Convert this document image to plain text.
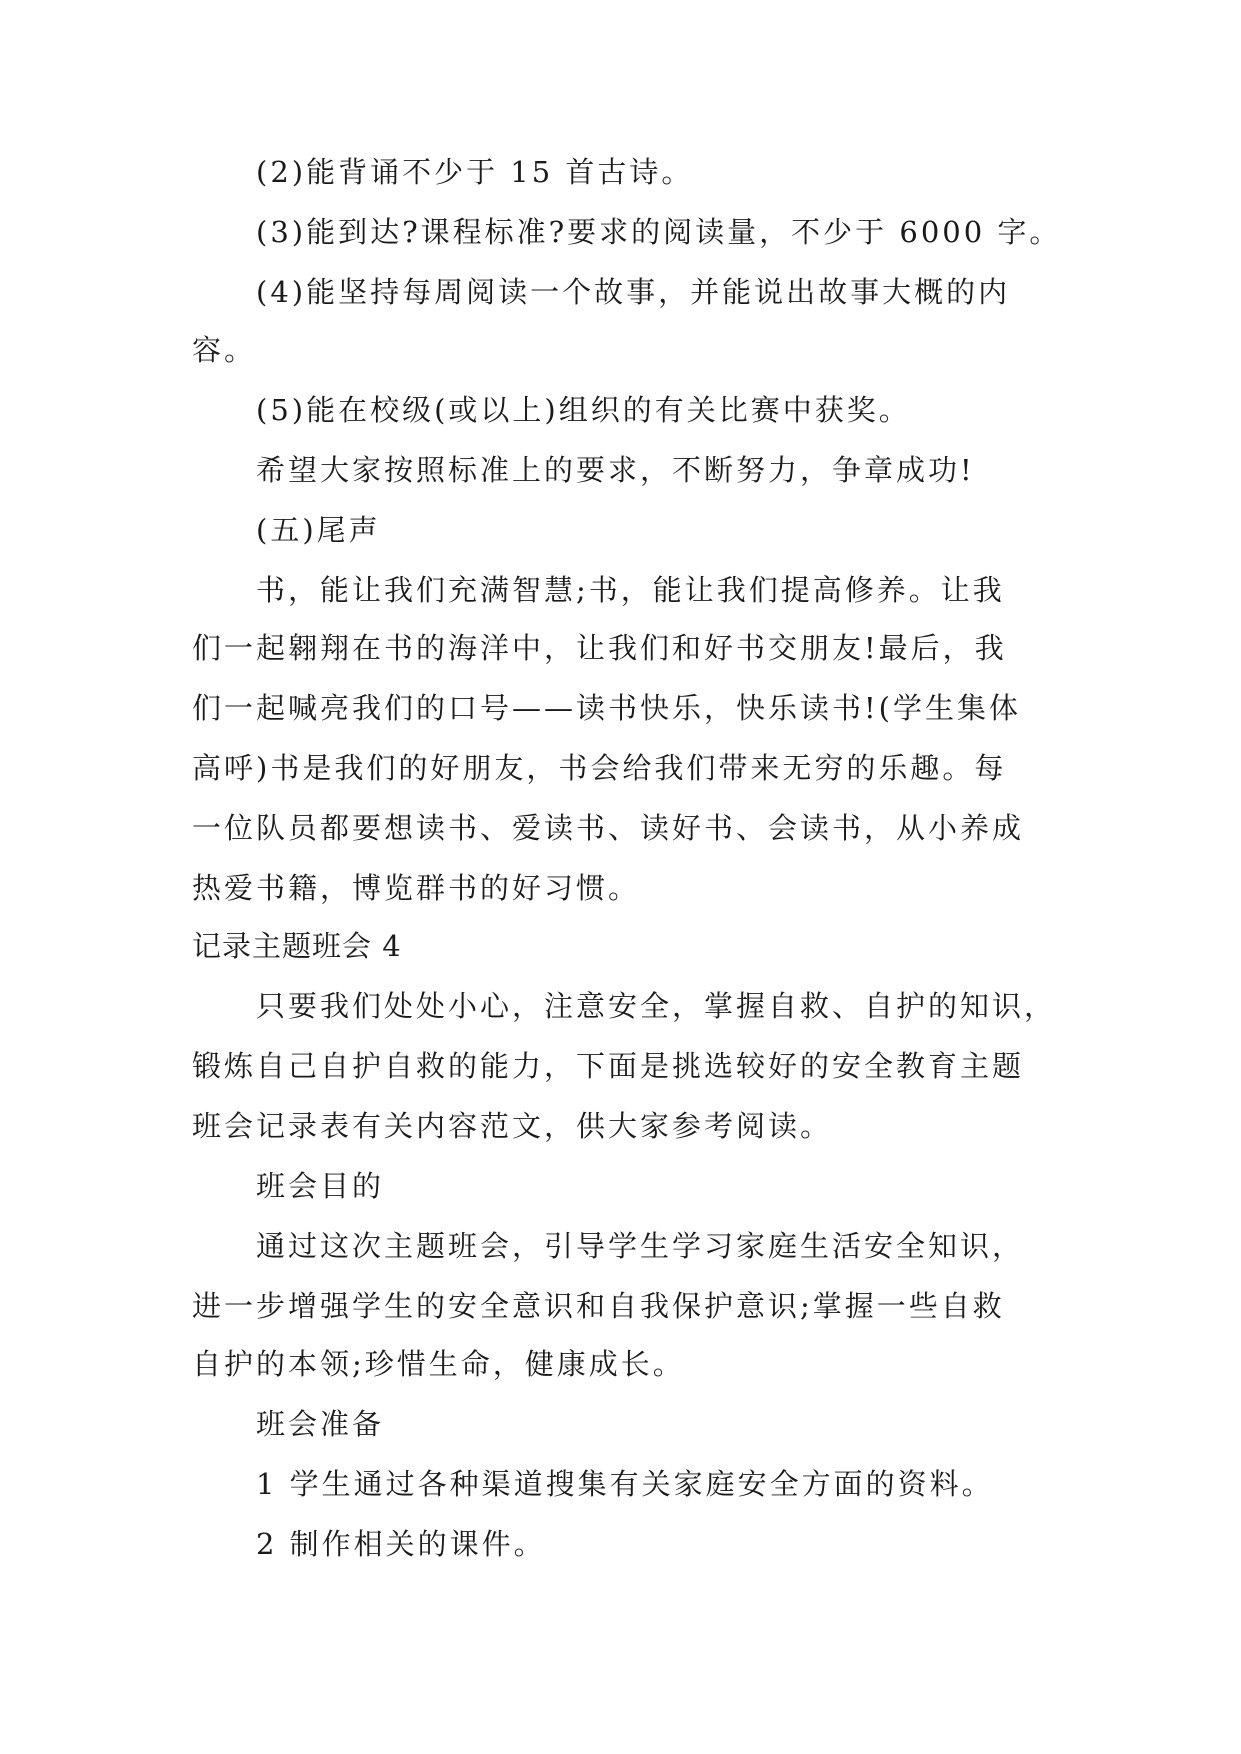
(2)能背诵不少于 15 首古诗。

(3)能到达?课程标准?要求的阅读量，不少于 6000 字。

(4)能坚持每周阅读一个故事，并能说出故事大概的内

容。

(5)能在校级(或以上)组织的有关比赛中获奖。

希望大家按照标准上的要求，不断努力，争章成功!

(五)尾声

书，能让我们充满智慧;书，能让我们提高修养。让我

们一起翱翔在书的海洋中，让我们和好书交朋友!最后，我

们一起喊亮我们的口号——读书快乐，快乐读书!(学生集体

高呼)书是我们的好朋友，书会给我们带来无穷的乐趣。每

一位队员都要想读书、爱读书、读好书、会读书，从小养成

热爱书籍，博览群书的好习惯。

记录主题班会 4

只要我们处处小心，注意安全，掌握自救、自护的知识，

锻炼自己自护自救的能力，下面是挑选较好的安全教育主题

班会记录表有关内容范文，供大家参考阅读。

班会目的

通过这次主题班会，引导学生学习家庭生活安全知识，

进一步增强学生的安全意识和自我保护意识;掌握一些自救

自护的本领;珍惜生命，健康成长。

班会准备

1 学生通过各种渠道搜集有关家庭安全方面的资料。

2 制作相关的课件。
